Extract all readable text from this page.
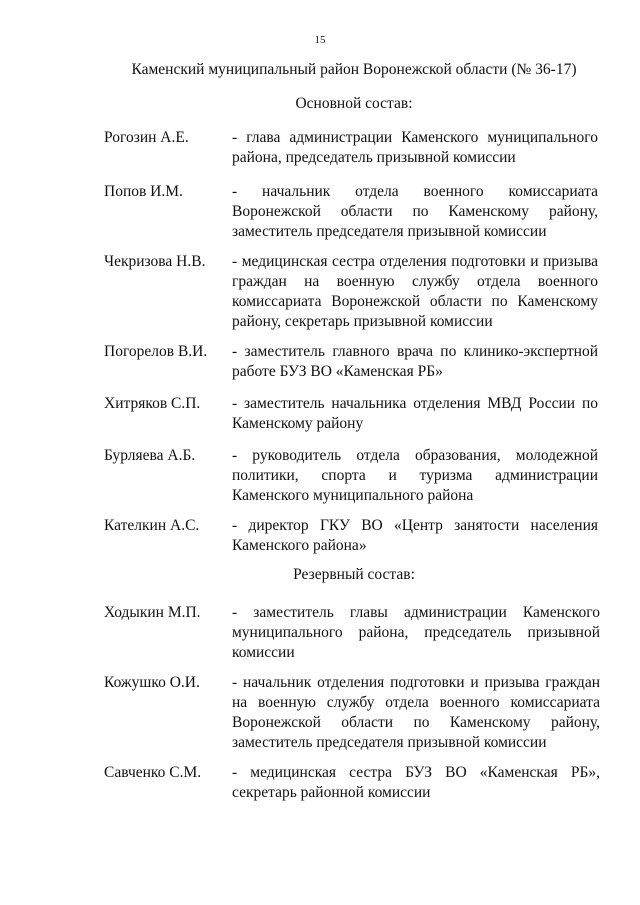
15
Каменский муниципальный район Воронежской области (№ 36-17)
Основной состав:
Рогозин А.Е.	- глава администрации Каменского муниципального района, председатель призывной комиссии
Попов И.М.	- начальник отдела военного комиссариата Воронежской области по Каменскому району, заместитель председателя призывной комиссии
Чекризова Н.В. - медицинская сестра отделения подготовки и призыва граждан на военную службу отдела военного комиссариата Воронежской области по Каменскому району, секретарь призывной комиссии
Погорелов В.И. - заместитель главного врача по клинико-экспертной работе БУЗ ВО «Каменская РБ»
Хитряков С.П. - заместитель начальника отделения МВД России по Каменскому району
Бурляева А.Б. - руководитель отдела образования, молодежной политики, спорта и туризма администрации Каменского муниципального района
Кателкин А.С. - директор ГКУ ВО «Центр занятости населения Каменского района»
Резервный состав:
Ходыкин М.П. - заместитель главы администрации Каменского муниципального района, председатель призывной комиссии
Кожушко О.И. - начальник отделения подготовки и призыва граждан на военную службу отдела военного комиссариата Воронежской области по Каменскому району, заместитель председателя призывной комиссии
Савченко С.М. - медицинская сестра БУЗ ВО «Каменская РБ», секретарь районной комиссии
